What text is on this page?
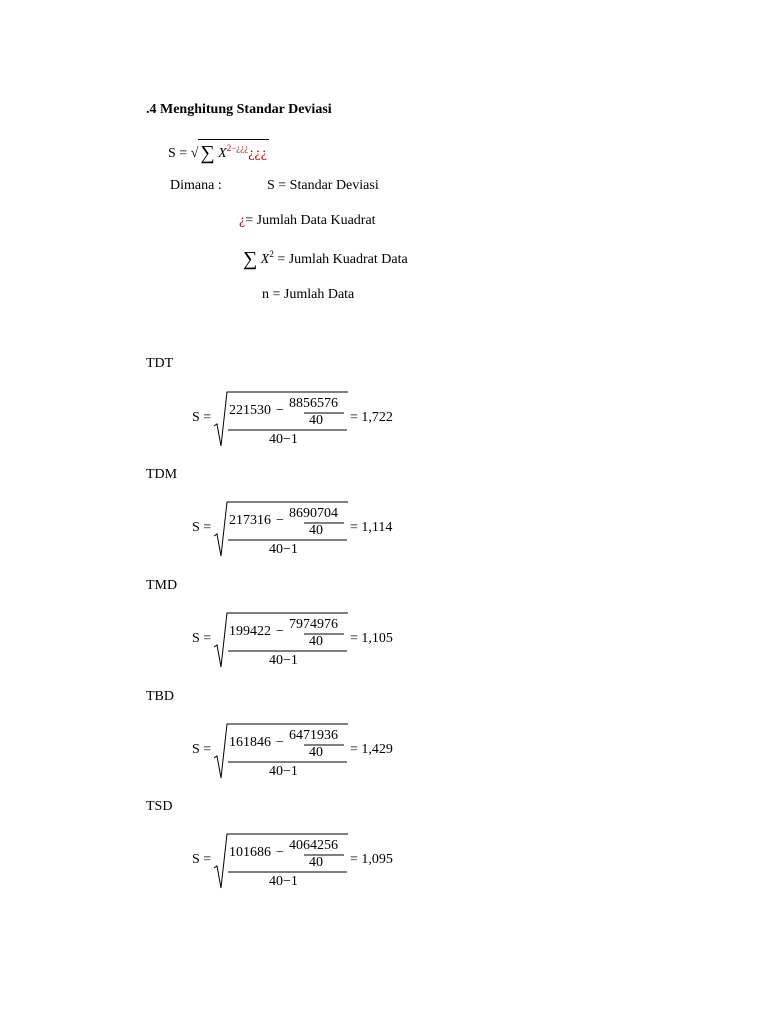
.4 Menghitung Standar Deviasi
S = √ ∑ $X^{2-¿¿¿}¿¿¿$
Dimana :	S = Standar Deviasi
¿= Jumlah Data Kuadrat
∑ $X^2$ = Jumlah Kuadrat Data
n = Jumlah Data
TDT
S = 221530 − 8856576
40
40−1
= 1,722
TDM
S = 217316 − 8690704
40
40−1
= 1,114
TMD
S = 199422 − 7974976
40
40−1
= 1,105
TBD
S = 161846 − 6471936
40
40−1
= 1,429
TSD
S = 101686 − 4064256
40
40−1
= 1,095
